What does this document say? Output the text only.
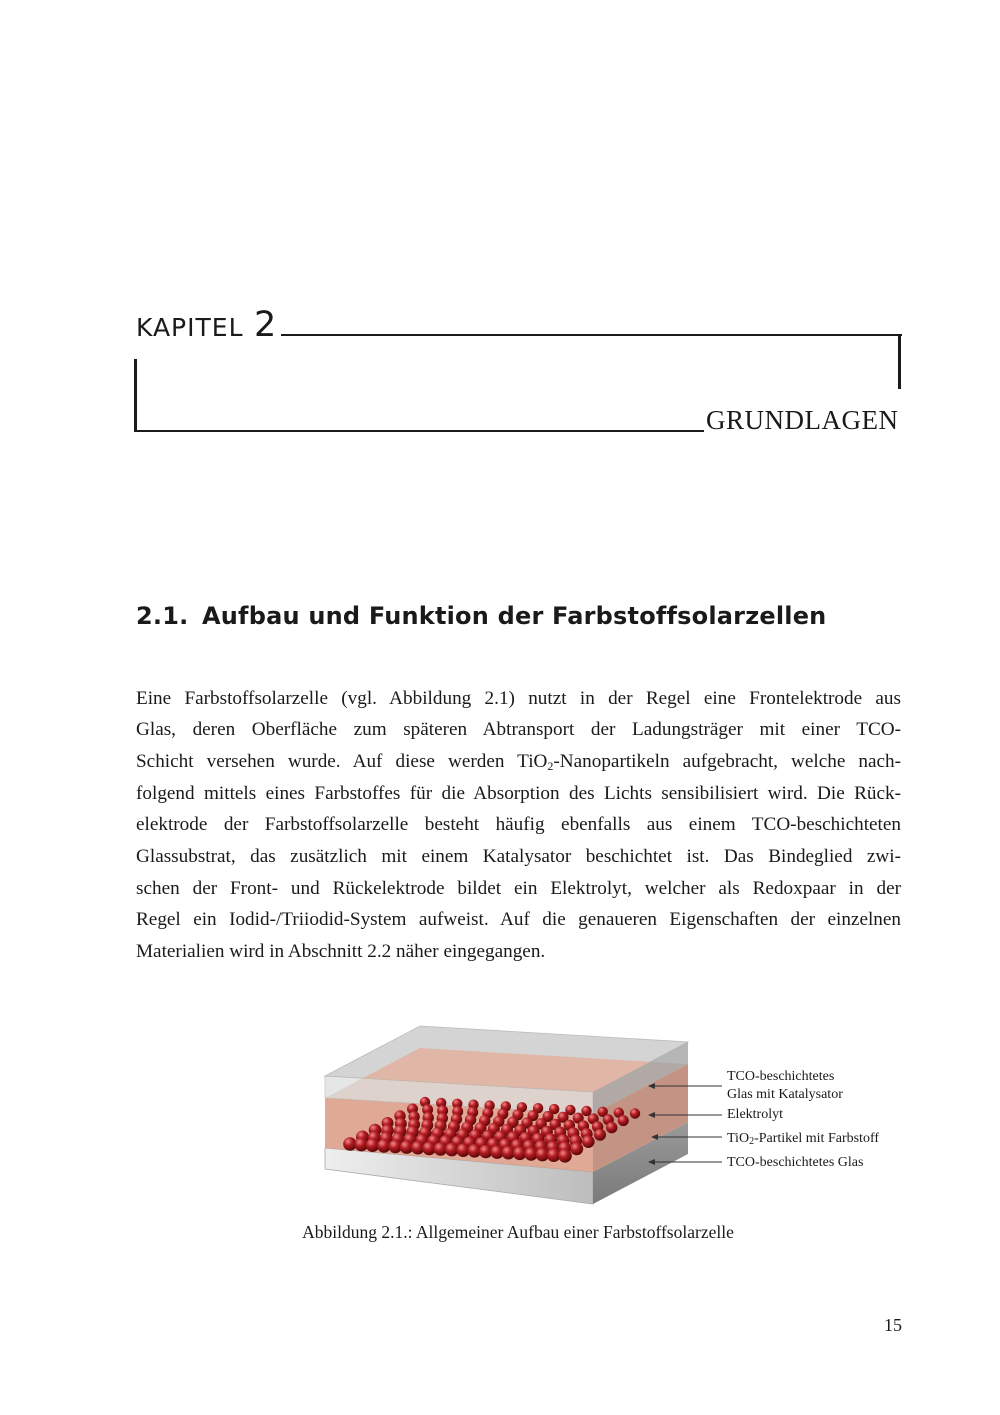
KAPITEL 2
GRUNDLAGEN
2.1. Aufbau und Funktion der Farbstoffsolarzellen
Eine Farbstoffsolarzelle (vgl. Abbildung 2.1) nutzt in der Regel eine Frontelektrode aus
Glas, deren Oberfläche zum späteren Abtransport der Ladungsträger mit einer TCO-
Schicht versehen wurde. Auf diese werden TiO$_2$-Nanopartikeln aufgebracht, welche nach-
folgend mittels eines Farbstoffes für die Absorption des Lichts sensibilisiert wird. Die Rück-
elektrode der Farbstoffsolarzelle besteht häufig ebenfalls aus einem TCO-beschichteten
Glassubstrat, das zusätzlich mit einem Katalysator beschichtet ist. Das Bindeglied zwi-
schen der Front- und Rückelektrode bildet ein Elektrolyt, welcher als Redoxpaar in der
Regel ein Iodid-/Triiodid-System aufweist. Auf die genaueren Eigenschaften der einzelnen
Materialien wird in Abschnitt 2.2 näher eingegangen.
TCO-beschichtetes
Glas mit Katalysator
Elektrolyt
TiO$_2$-Partikel mit Farbstoff
TCO-beschichtetes Glas
Abbildung 2.1.: Allgemeiner Aufbau einer Farbstoffsolarzelle
15
